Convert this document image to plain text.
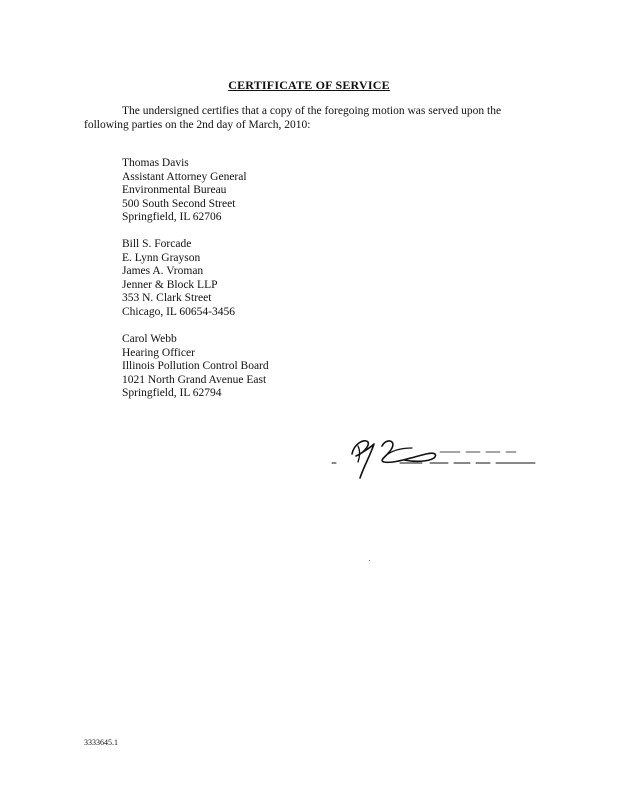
CERTIFICATE OF SERVICE
The undersigned certifies that a copy of the foregoing motion was served upon the following parties on the 2nd day of March, 2010:
Thomas Davis
Assistant Attorney General
Environmental Bureau
500 South Second Street
Springfield, IL 62706
Bill S. Forcade
E. Lynn Grayson
James A. Vroman
Jenner & Block LLP
353 N. Clark Street
Chicago, IL 60654-3456
Carol Webb
Hearing Officer
Illinois Pollution Control Board
1021 North Grand Avenue East
Springfield, IL 62794
3333645.1
